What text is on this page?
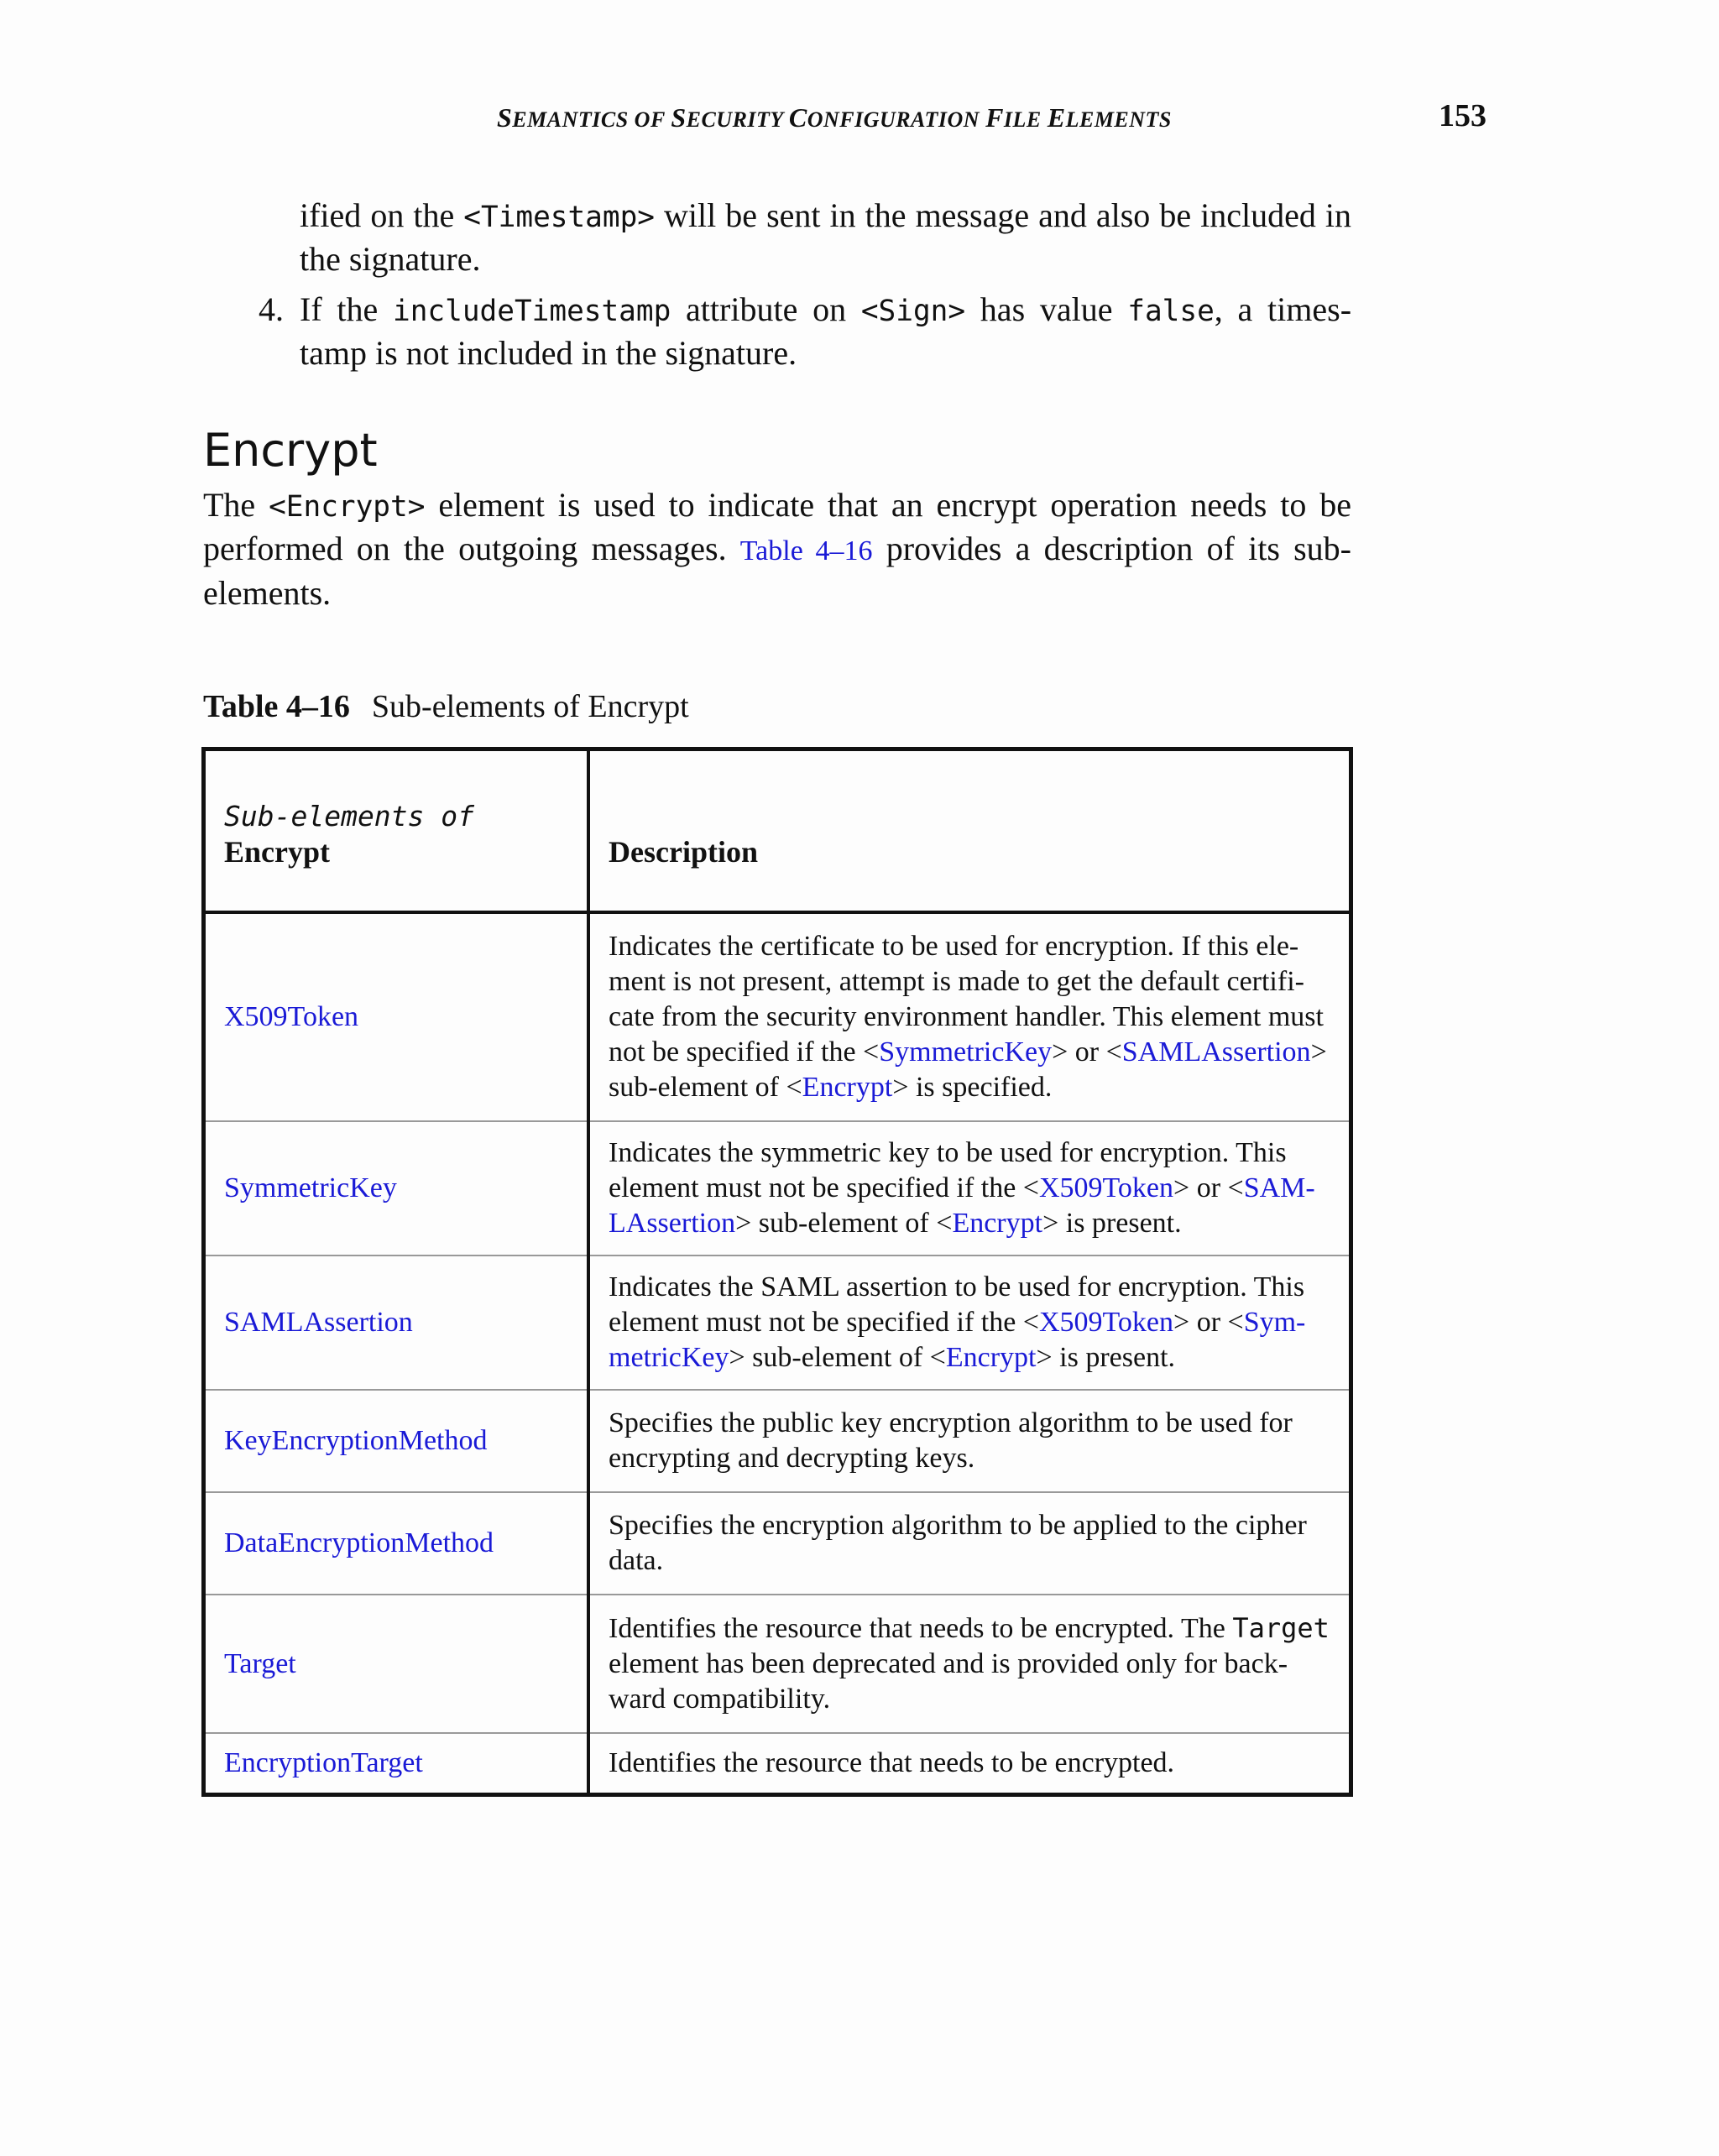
SEMANTICS OF SECURITY CONFIGURATION FILE ELEMENTS	153
ified on the <Timestamp> will be sent in the message and also be included in the signature.
4. If the includeTimestamp attribute on <Sign> has value false, a times-tamp is not included in the signature.
Encrypt
The <Encrypt> element is used to indicate that an encrypt operation needs to be performed on the outgoing messages. Table 4–16 provides a description of its sub-elements.
Table 4–16 Sub-elements of Encrypt
Sub-elements of
Encrypt	Description
X509Token	Indicates the certificate to be used for encryption. If this ele-ment is not present, attempt is made to get the default certifi-cate from the security environment handler. This element must not be specified if the <SymmetricKey> or <SAMLAssertion> sub-element of <Encrypt> is specified.
SymmetricKey	Indicates the symmetric key to be used for encryption. This element must not be specified if the <X509Token> or <SAM-LAssertion> sub-element of <Encrypt> is present.
SAMLAssertion	Indicates the SAML assertion to be used for encryption. This element must not be specified if the <X509Token> or <Sym-metricKey> sub-element of <Encrypt> is present.
KeyEncryptionMethod	Specifies the public key encryption algorithm to be used for encrypting and decrypting keys.
DataEncryptionMethod	Specifies the encryption algorithm to be applied to the cipher data.
Target	Identifies the resource that needs to be encrypted. The Target element has been deprecated and is provided only for back-ward compatibility.
EncryptionTarget	Identifies the resource that needs to be encrypted.
